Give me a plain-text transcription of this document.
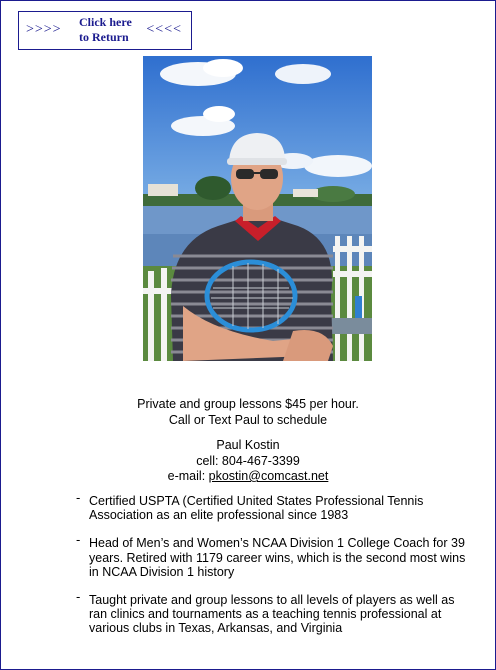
>>>> Click here
to Return <<<<
Private and group lessons $45 per hour.
Call or Text Paul to schedule
Paul Kostin
cell: 804-467-3399
e-mail: pkostin@comcast.net
- Certified USPTA (Certified United States Professional Tennis Association as an elite professional since 1983
- Head of Men’s and Women’s NCAA Division 1 College Coach for 39 years. Retired with 1179 career wins, which is the second most wins in NCAA Division 1 history
- Taught private and group lessons to all levels of players as well as ran clinics and tournaments as a teaching tennis professional at various clubs in Texas, Arkansas, and Virginia
